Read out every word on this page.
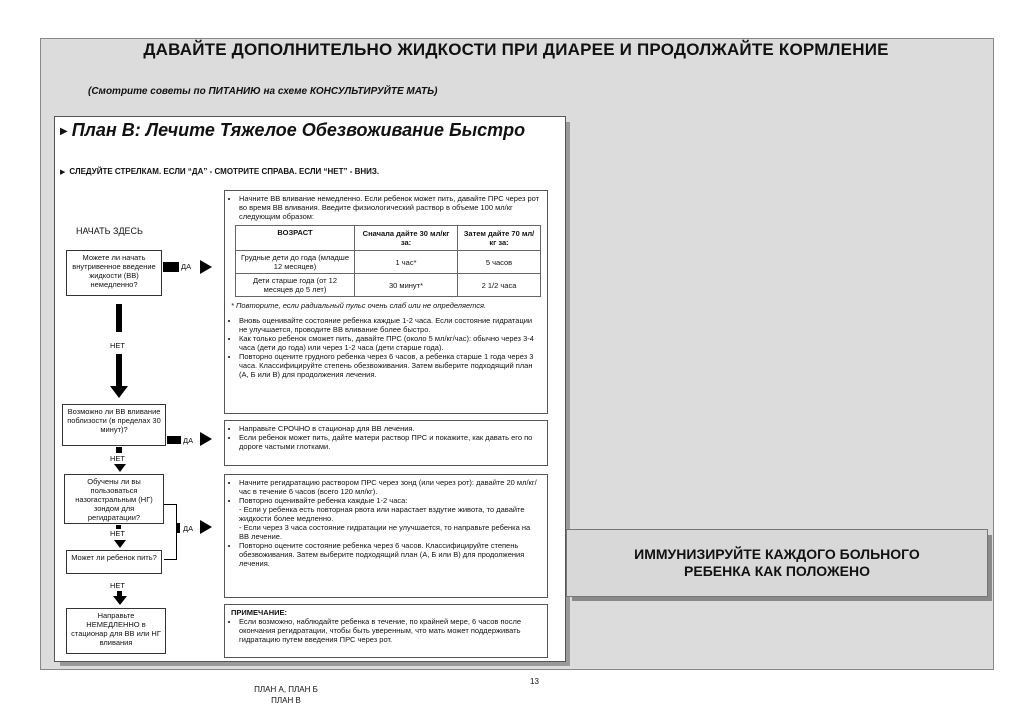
ДАВАЙТЕ ДОПОЛНИТЕЛЬНО ЖИДКОСТИ ПРИ ДИАРЕЕ И ПРОДОЛЖАЙТЕ КОРМЛЕНИЕ
(Смотрите советы по ПИТАНИЮ на схеме КОНСУЛЬТИРУЙТЕ МАТЬ)
▶ План В: Лечите Тяжелое Обезвоживание Быстро
▶ СЛЕДУЙТЕ СТРЕЛКАМ. ЕСЛИ “ДА” - СМОТРИТЕ СПРАВА. ЕСЛИ “НЕТ” - ВНИЗ.
НАЧАТЬ ЗДЕСЬ
Можете ли начать внутривенное введение жидкости (ВВ) немедленно?
Возможно ли ВВ вливание поблизости (в пределах 30 минут)?
Обучены ли вы пользоваться назогастральным (НГ) зондом для регидратации?
Может ли ребенок пить?
Направьте НЕМЕДЛЕННО в стационар для ВВ или НГ вливания
НЕТ
НЕТ
НЕТ
НЕТ
ДА
ДА
ДА
• Начните ВВ вливание немедленно. Если ребенок может пить, давайте ПРС через рот во время ВВ вливания. Введите физиологический раствор в объеме 100 мл/кг следующим образом:
ВОЗРАСТ	Сначала дайте 30 мл/кг за:	Затем дайте 70 мл/кг за:
Грудные дети до года (младше 12 месяцев)	1 час*	5 часов
Дети старше года (от 12 месяцев до 5 лет)	30 минут*	2 1/2 часа
* Повторите, если радиальный пульс очень слаб или не определяется.
• Вновь оценивайте состояние ребенка каждые 1-2 часа. Если состояние гидратации не улучшается, проводите ВВ вливание более быстро.
• Как только ребенок сможет пить, давайте ПРС (около 5 мл/кг/час): обычно через 3-4 часа (дети до года) или через 1-2 часа (дети старше года).
• Повторно оцените грудного ребенка через 6 часов, а ребенка старше 1 года через 3 часа. Классифицируйте степень обезвоживания. Затем выберите подходящий план (А, Б или В) для продолжения лечения.
• Направьте СРОЧНО в стационар для ВВ лечения.
• Если ребенок может пить, дайте матери раствор ПРС и покажите, как давать его по дороге частыми глотками.
• Начните регидратацию раствором ПРС через зонд (или через рот): давайте 20 мл/кг/час в течение 6 часов (всего 120 мл/кг).
• Повторно оценивайте ребенка каждые 1-2 часа:
- Если у ребенка есть повторная рвота или нарастает вздутие живота, то давайте жидкости более медленно.
- Если через 3 часа состояние гидратации не улучшается, то направьте ребенка на ВВ лечение.
• Повторно оцените состояние ребенка через 6 часов. Классифицируйте степень обезвоживания. Затем выберите подходящий план (А, Б или В) для продолжения лечения.
ПРИМЕЧАНИЕ:
• Если возможно, наблюдайте ребенка в течение, по крайней мере, 6 часов после окончания регидратации, чтобы быть уверенным, что мать может поддерживать гидратацию путем введения ПРС через рот.
ИММУНИЗИРУЙТЕ КАЖДОГО БОЛЬНОГО
РЕБЕНКА КАК ПОЛОЖЕНО
13
ПЛАН А, ПЛАН Б
ПЛАН В
